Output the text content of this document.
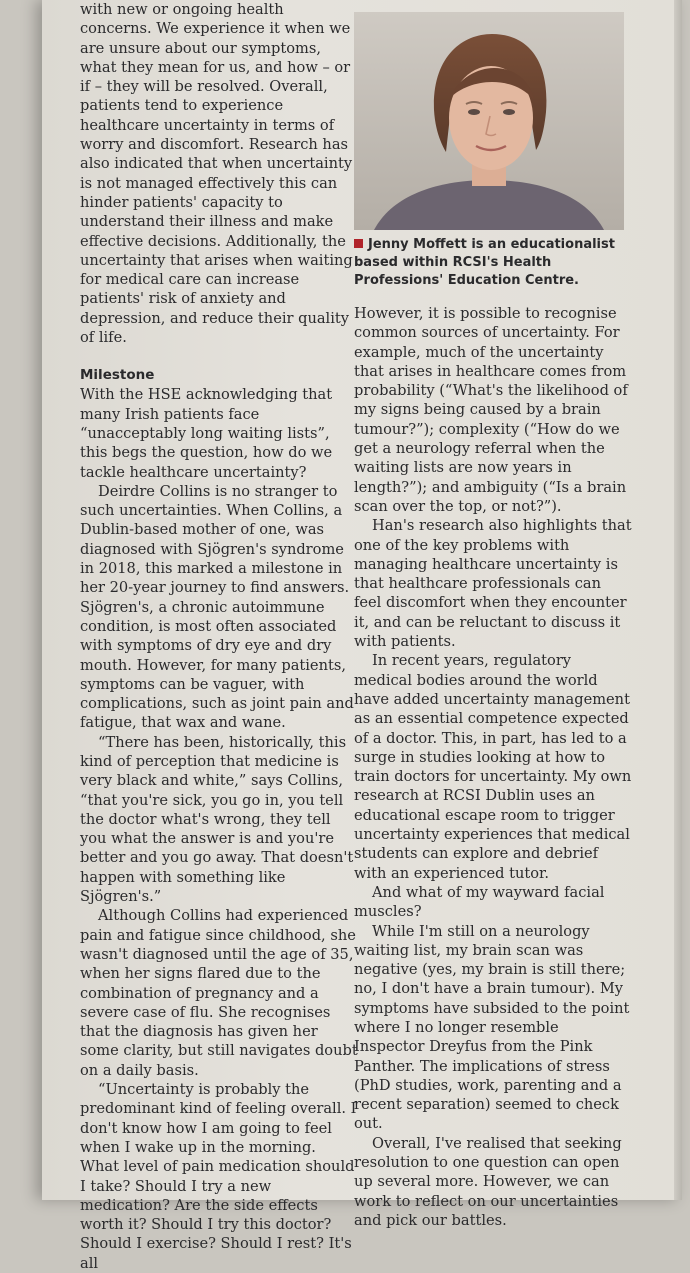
with new or ongoing health concerns. We experience it when we are unsure about our symptoms, what they mean for us, and how – or if – they will be resolved. Overall, patients tend to experience healthcare uncertainty in terms of worry and discomfort. Research has also indicated that when uncertainty is not managed effectively this can hinder patients' capacity to understand their illness and make effective decisions. Additionally, the uncertainty that arises when waiting for medical care can increase patients' risk of anxiety and depression, and reduce their quality of life.

Milestone

With the HSE acknowledging that many Irish patients face “unacceptably long waiting lists”, this begs the question, how do we tackle healthcare uncertainty?

Deirdre Collins is no stranger to such uncertainties. When Collins, a Dublin-based mother of one, was diagnosed with Sjögren's syndrome in 2018, this marked a milestone in her 20-year journey to find answers. Sjögren's, a chronic autoimmune condition, is most often associated with symptoms of dry eye and dry mouth. However, for many patients, symptoms can be vaguer, with complications, such as joint pain and fatigue, that wax and wane.

“There has been, historically, this kind of perception that medicine is very black and white,” says Collins, “that you're sick, you go in, you tell the doctor what's wrong, they tell you what the answer is and you're better and you go away. That doesn't happen with something like Sjögren's.”

Although Collins had experienced pain and fatigue since childhood, she wasn't diagnosed until the age of 35, when her signs flared due to the combination of pregnancy and a severe case of flu. She recognises that the diagnosis has given her some clarity, but still navigates doubt on a daily basis.

“Uncertainty is probably the predominant kind of feeling overall. I don't know how I am going to feel when I wake up in the morning. What level of pain medication should I take? Should I try a new medication? Are the side effects worth it? Should I try this doctor? Should I exercise? Should I rest? It's all

Jenny Moffett is an educationalist based within RCSI's Health Professions' Education Centre.

However, it is possible to recognise common sources of uncertainty. For example, much of the uncertainty that arises in healthcare comes from probability (“What's the likelihood of my signs being caused by a brain tumour?”); complexity (“How do we get a neurology referral when the waiting lists are now years in length?”); and ambiguity (“Is a brain scan over the top, or not?”).

Han's research also highlights that one of the key problems with managing healthcare uncertainty is that healthcare professionals can feel discomfort when they encounter it, and can be reluctant to discuss it with patients.

In recent years, regulatory medical bodies around the world have added uncertainty management as an essential competence expected of a doctor. This, in part, has led to a surge in studies looking at how to train doctors for uncertainty. My own research at RCSI Dublin uses an educational escape room to trigger uncertainty experiences that medical students can explore and debrief with an experienced tutor.

And what of my wayward facial muscles?

While I'm still on a neurology waiting list, my brain scan was negative (yes, my brain is still there; no, I don't have a brain tumour). My symptoms have subsided to the point where I no longer resemble Inspector Dreyfus from the Pink Panther. The implications of stress (PhD studies, work, parenting and a recent separation) seemed to check out.

Overall, I've realised that seeking resolution to one question can open up several more. However, we can work to reflect on our uncertainties and pick our battles.
